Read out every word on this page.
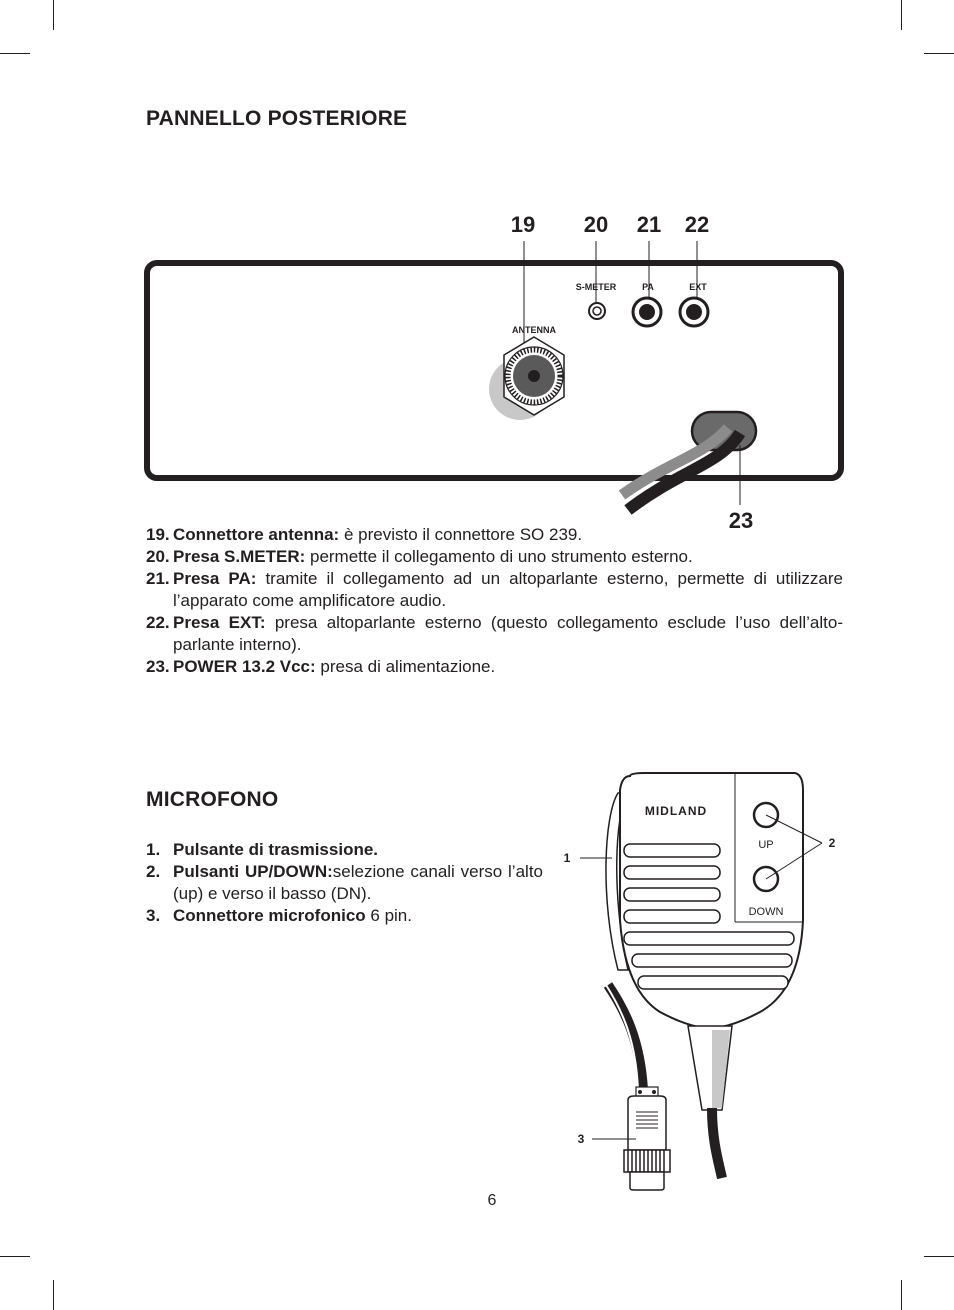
PANNELLO POSTERIORE
19 20 21 22
S-METER	PA	EXT
ANTENNA
23
19. Connettore antenna: è previsto il connettore SO 239.
20. Presa S.METER: permette il collegamento di uno strumento esterno.
21. Presa PA: tramite il collegamento ad un altoparlante esterno, permette di utilizzare l’apparato come amplificatore audio.
22. Presa EXT: presa altoparlante esterno (questo collegamento esclude l’uso dell’alto-parlante interno).
23. POWER 13.2 Vcc: presa di alimentazione.
MICROFONO
1. Pulsante di trasmissione.
2. Pulsanti UP/DOWN:selezione canali verso l’alto (up) e verso il basso (DN).
3. Connettore microfonico 6 pin.
MIDLAND
UP
DOWN
2
1
3
6
